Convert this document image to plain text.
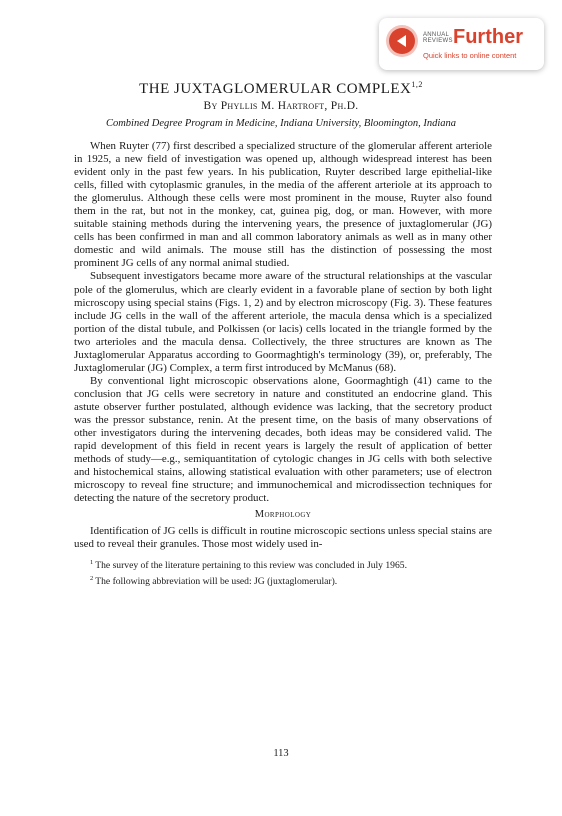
ANNUAL
REVIEWS Further
Quick links to online content
THE JUXTAGLOMERULAR COMPLEX$^{1,2}$
By Phyllis M. Hartroft, Ph.D.
Combined Degree Program in Medicine, Indiana University, Bloomington, Indiana

When Ruyter (77) first described a specialized structure of the glomerular afferent arteriole in 1925, a new field of investigation was opened up, although widespread interest has been evident only in the past few years. In his publication, Ruyter described large epithelial-like cells, filled with cytoplasmic granules, in the media of the afferent arteriole at its approach to the glomerulus. Although these cells were most prominent in the mouse, Ruyter also found them in the rat, but not in the monkey, cat, guinea pig, dog, or man. However, with more suitable staining methods during the intervening years, the presence of juxtaglomerular (JG) cells has been confirmed in man and all common laboratory animals as well as in many other domestic and wild animals. The mouse still has the distinction of possessing the most prominent JG cells of any normal animal studied.

Subsequent investigators became more aware of the structural relationships at the vascular pole of the glomerulus, which are clearly evident in a favorable plane of section by both light microscopy using special stains (Figs. 1, 2) and by electron microscopy (Fig. 3). These features include JG cells in the wall of the afferent arteriole, the macula densa which is a specialized portion of the distal tubule, and Polkissen (or lacis) cells located in the triangle formed by the two arterioles and the macula densa. Collectively, the three structures are known as The Juxtaglomerular Apparatus according to Goormaghtigh's terminology (39), or, preferably, The Juxtaglomerular (JG) Complex, a term first introduced by McManus (68).

By conventional light microscopic observations alone, Goormaghtigh (41) came to the conclusion that JG cells were secretory in nature and constituted an endocrine gland. This astute observer further postulated, although evidence was lacking, that the secretory product was the pressor substance, renin. At the present time, on the basis of many observations of other investigators during the intervening decades, both ideas may be considered valid. The rapid development of this field in recent years is largely the result of application of better methods of study—e.g., semiquantitation of cytologic changes in JG cells with both selective and histochemical stains, allowing statistical evaluation with other parameters; use of electron microscopy to reveal fine structure; and immunochemical and microdissection techniques for detecting the nature of the secretory product.

Morphology

Identification of JG cells is difficult in routine microscopic sections unless special stains are used to reveal their granules. Those most widely used in-

$^1$ The survey of the literature pertaining to this review was concluded in July 1965.

$^2$ The following abbreviation will be used: JG (juxtaglomerular).

113
